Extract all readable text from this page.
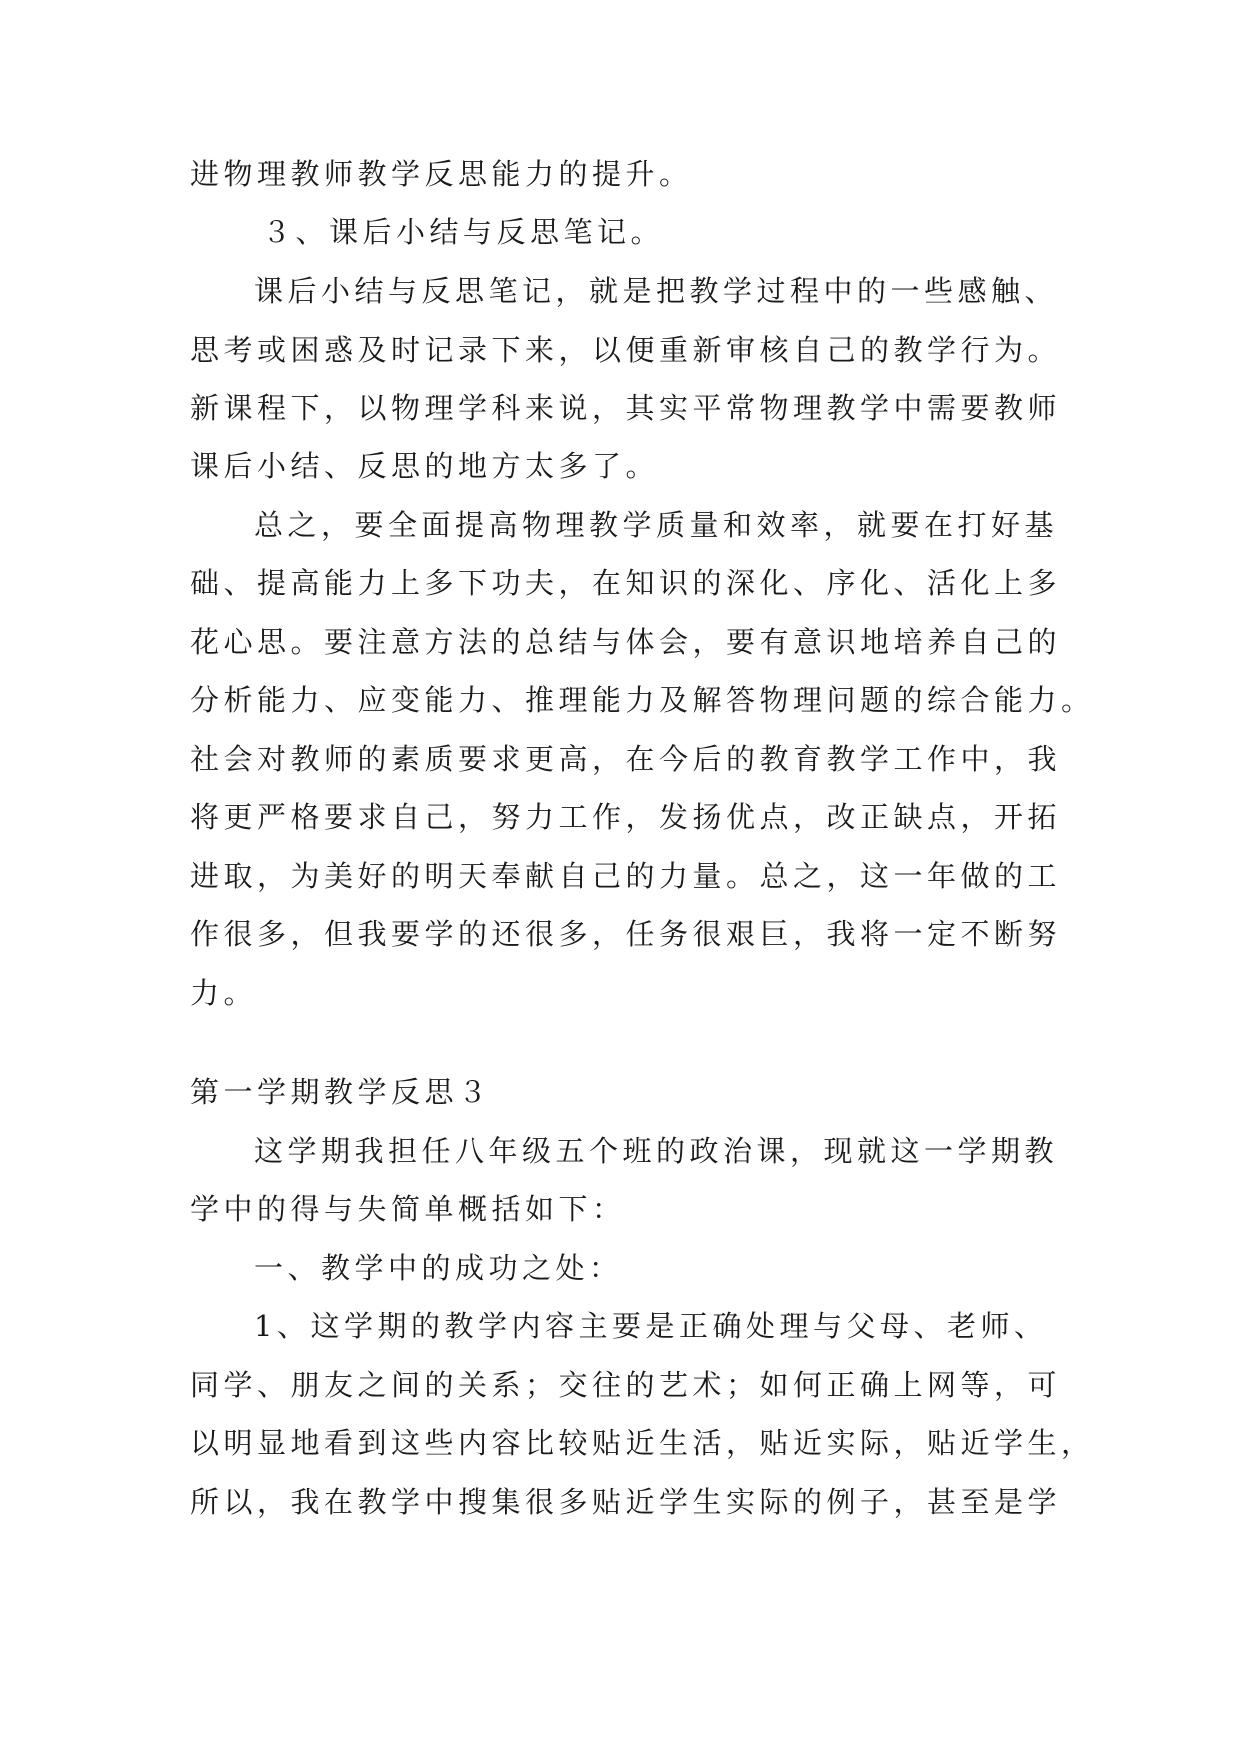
进物理教师教学反思能力的提升。
３、课后小结与反思笔记。
课后小结与反思笔记，就是把教学过程中的一些感触、
思考或困惑及时记录下来，以便重新审核自己的教学行为。
新课程下，以物理学科来说，其实平常物理教学中需要教师
课后小结、反思的地方太多了。
总之，要全面提高物理教学质量和效率，就要在打好基
础、提高能力上多下功夫，在知识的深化、序化、活化上多
花心思。要注意方法的总结与体会，要有意识地培养自己的
分析能力、应变能力、推理能力及解答物理问题的综合能力。
社会对教师的素质要求更高，在今后的教育教学工作中，我
将更严格要求自己，努力工作，发扬优点，改正缺点，开拓
进取，为美好的明天奉献自己的力量。总之，这一年做的工
作很多，但我要学的还很多，任务很艰巨，我将一定不断努
力。
第一学期教学反思３
这学期我担任八年级五个班的政治课，现就这一学期教
学中的得与失简单概括如下：
一、教学中的成功之处：
1、这学期的教学内容主要是正确处理与父母、老师、
同学、朋友之间的关系；交往的艺术；如何正确上网等，可
以明显地看到这些内容比较贴近生活，贴近实际，贴近学生，
所以，我在教学中搜集很多贴近学生实际的例子，甚至是学
